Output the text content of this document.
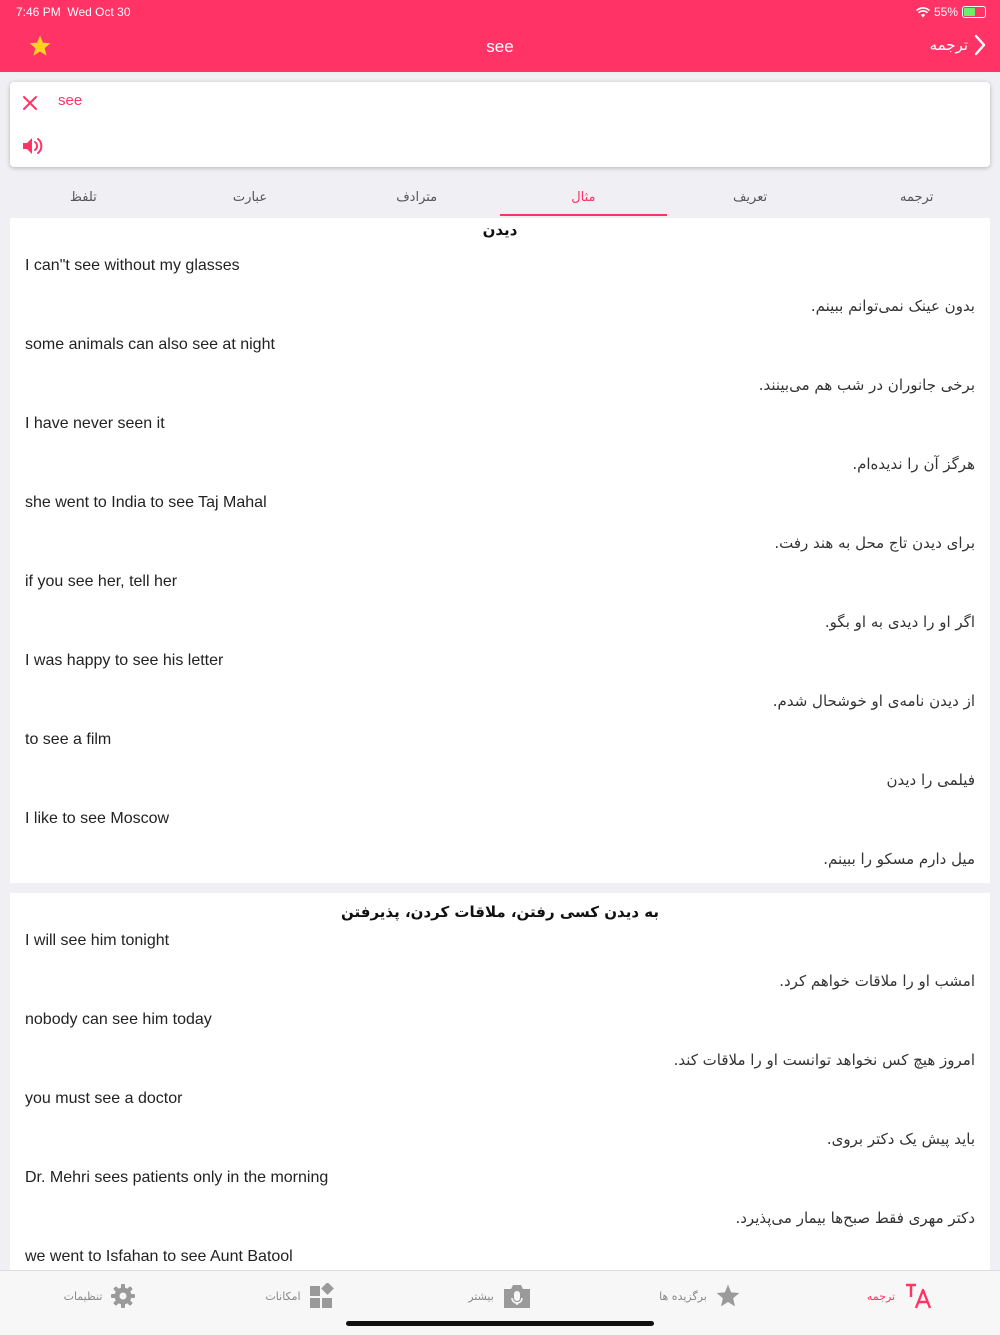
7:46 PM Wed Oct 30	55%
see	ترجمه
see
تلفظ	عبارت	مترادف	مثال	تعریف	ترجمه
دیدن
I can"t see without my glasses
بدون عینک نمی‌توانم ببینم.
some animals can also see at night
برخی جانوران در شب هم می‌بینند.
I have never seen it
هرگز آن را ندیده‌ام.
she went to India to see Taj Mahal
برای دیدن تاج محل به هند رفت.
if you see her, tell her
اگر او را دیدی به او بگو.
I was happy to see his letter
از دیدن نامه‌ی او خوشحال شدم.
to see a film
فیلمی را دیدن
I like to see Moscow
میل دارم مسکو را ببینم.
به دیدن کسی رفتن، ملاقات کردن، پذیرفتن
I will see him tonight
امشب او را ملاقات خواهم کرد.
nobody can see him today
امروز هیچ کس نخواهد توانست او را ملاقات کند.
you must see a doctor
باید پیش یک دکتر بروی.
Dr. Mehri sees patients only in the morning
دکتر مهری فقط صبح‌ها بیمار می‌پذیرد.
we went to Isfahan to see Aunt Batool
تنظیمات	امکانات	بیشتر	برگزیده ها	ترجمه
